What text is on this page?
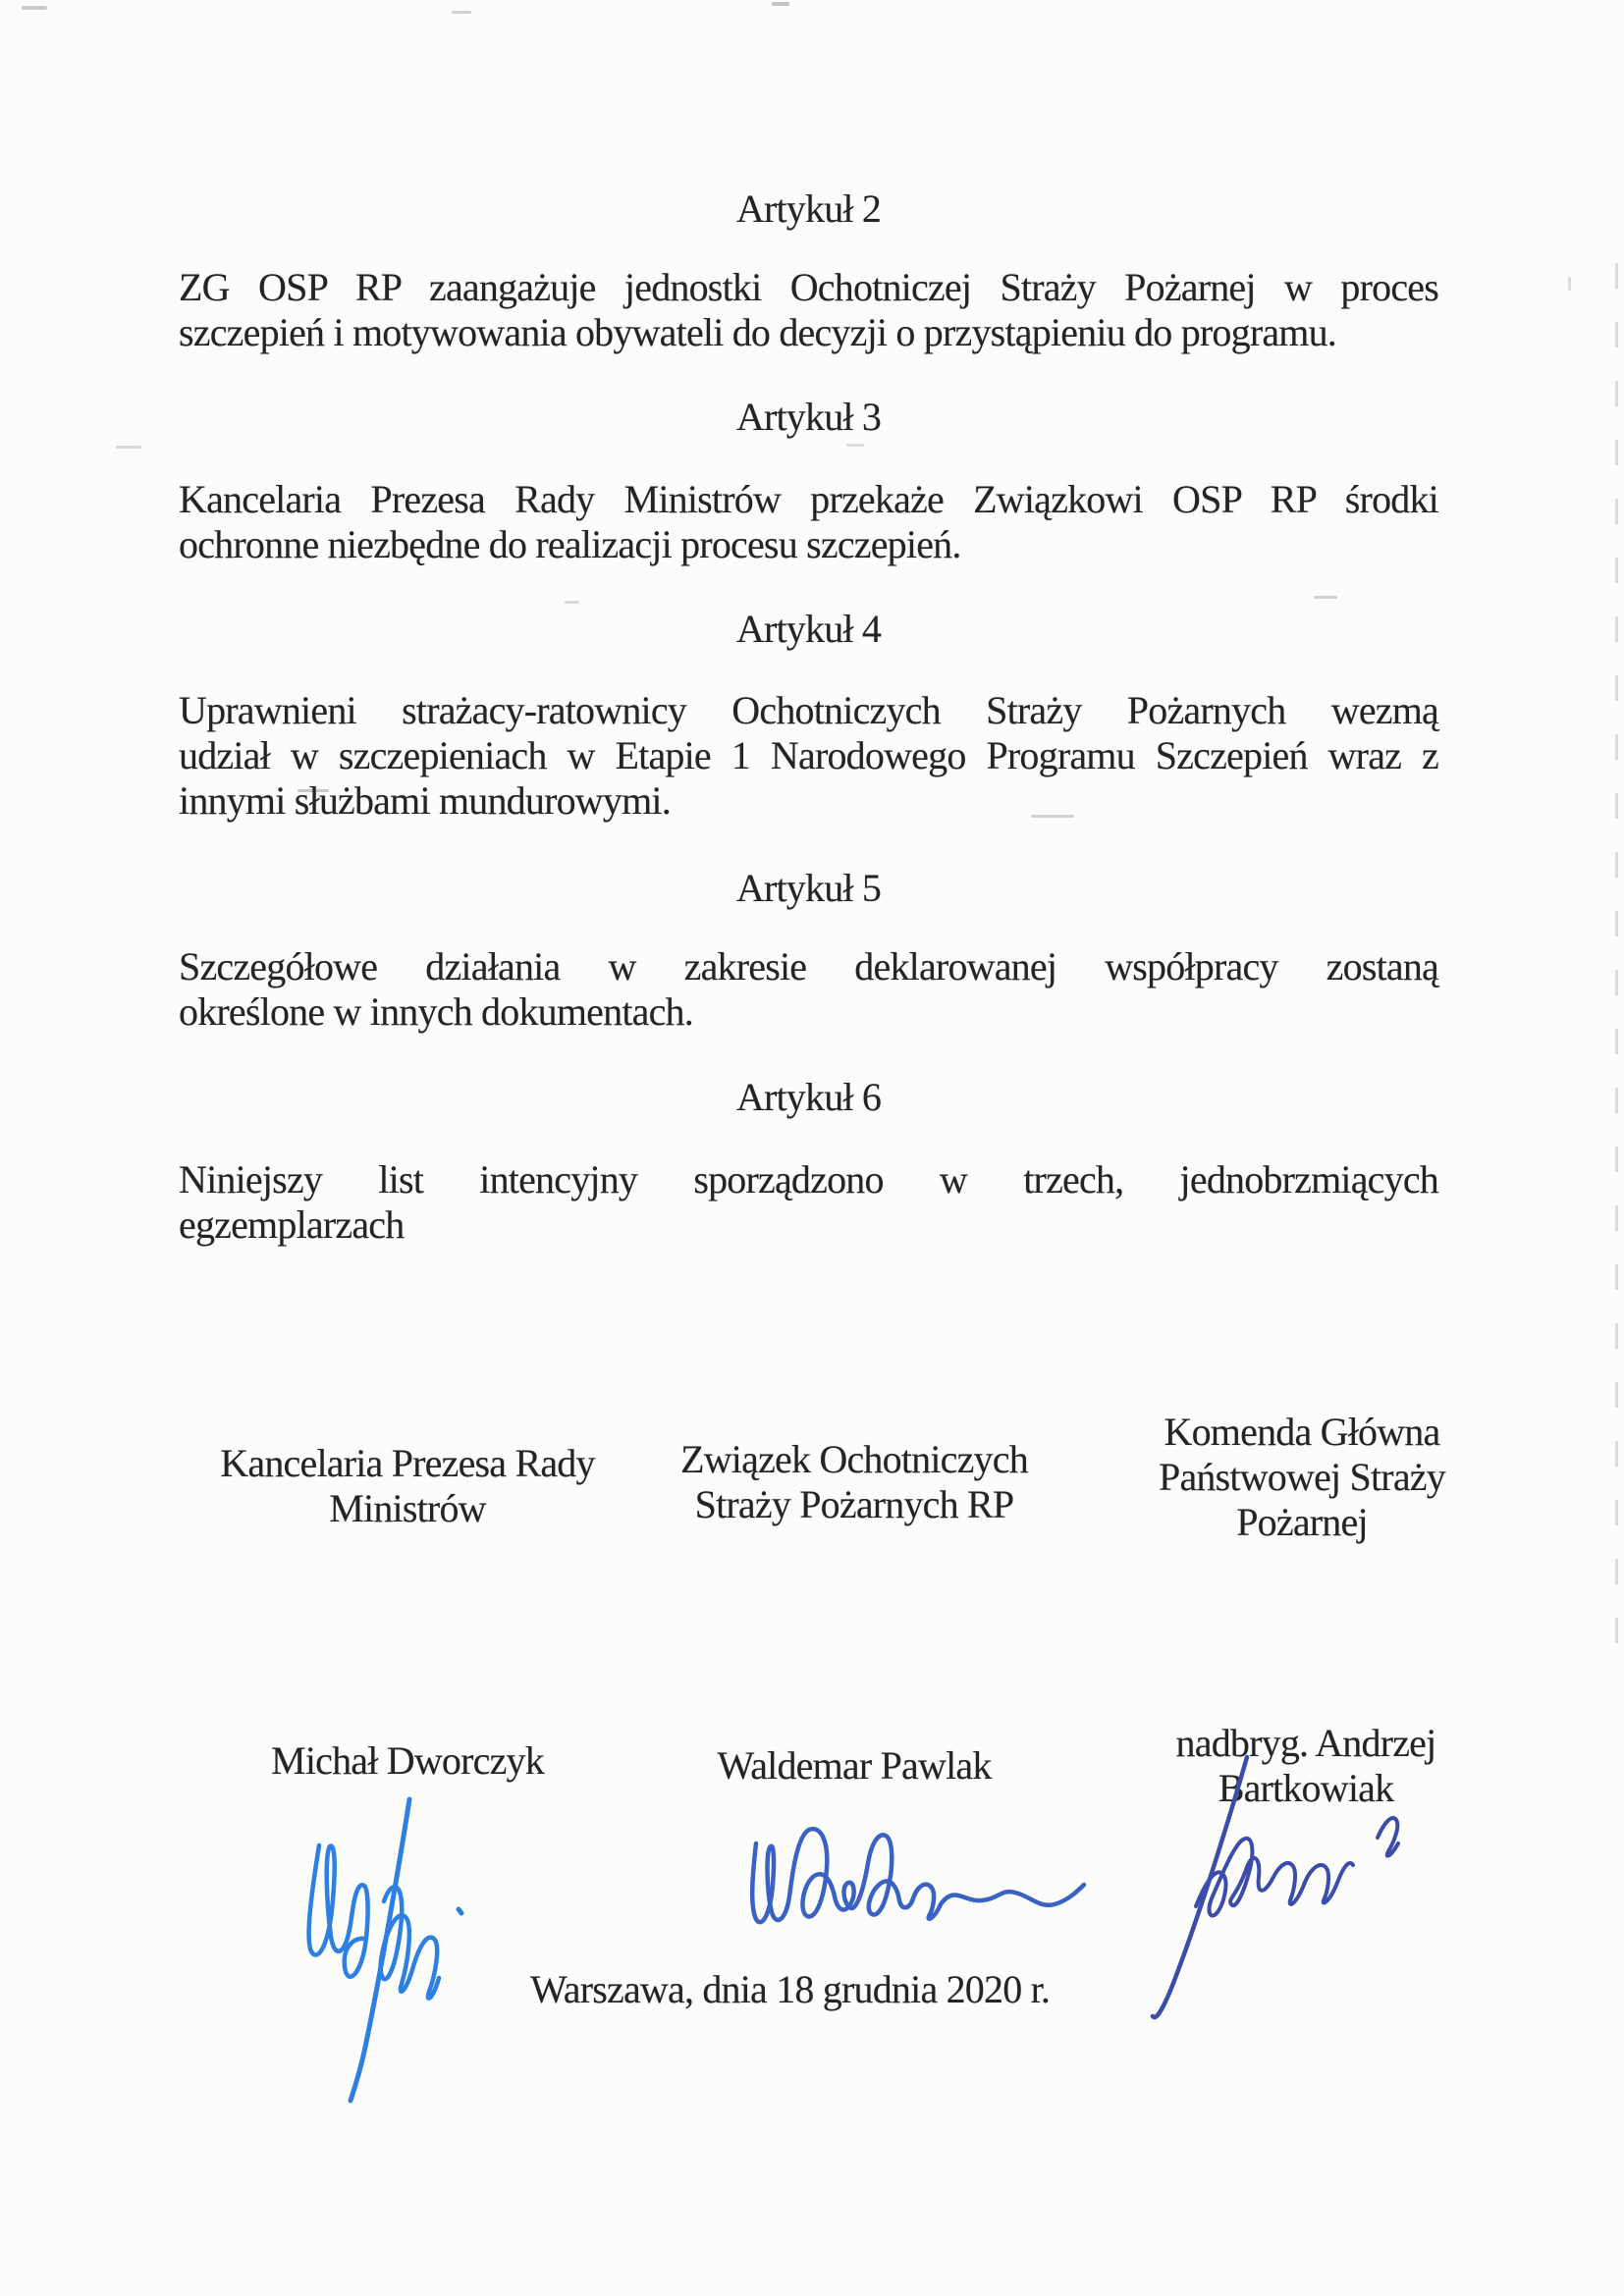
Artykuł 2
ZG OSP RP zaangażuje jednostki Ochotniczej Straży Pożarnej w proces
szczepień i motywowania obywateli do decyzji o przystąpieniu do programu.
Artykuł 3
Kancelaria Prezesa Rady Ministrów przekaże Związkowi OSP RP środki
ochronne niezbędne do realizacji procesu szczepień.
Artykuł 4
Uprawnieni strażacy-ratownicy Ochotniczych Straży Pożarnych wezmą
udział w szczepieniach w Etapie 1 Narodowego Programu Szczepień wraz z
innymi służbami mundurowymi.
Artykuł 5
Szczegółowe działania w zakresie deklarowanej współpracy zostaną
określone w innych dokumentach.
Artykuł 6
Niniejszy list intencyjny sporządzono w trzech, jednobrzmiących
egzemplarzach
Kancelaria Prezesa Rady Ministrów
Związek Ochotniczych Straży Pożarnych RP
Komenda Główna Państwowej Straży Pożarnej
Michał Dworczyk	Waldemar Pawlak
nadbryg. Andrzej Bartkowiak
Warszawa, dnia 18 grudnia 2020 r.
